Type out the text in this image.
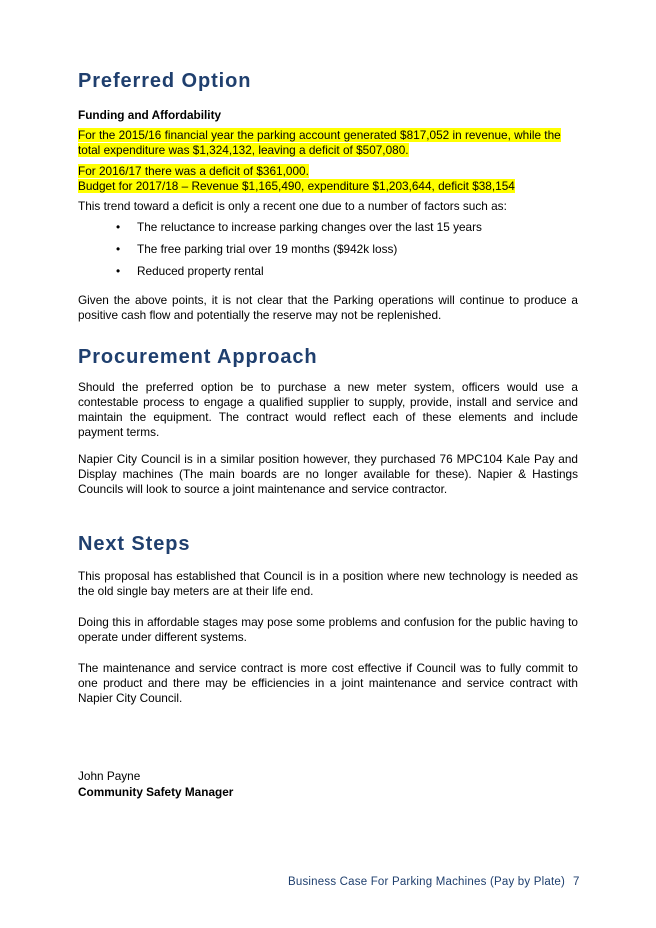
Preferred Option
Funding and Affordability

For the 2015/16 financial year the parking account generated $817,052 in revenue, while the

total expenditure was $1,324,132, leaving a deficit of $507,080.

For 2016/17 there was a deficit of $361,000.

Budget for 2017/18 – Revenue $1,165,490, expenditure $1,203,644, deficit $38,154

This trend toward a deficit is only a recent one due to a number of factors such as:

• The reluctance to increase parking changes over the last 15 years
• The free parking trial over 19 months ($942k loss)
• Reduced property rental

Given the above points, it is not clear that the Parking operations will continue to produce a positive cash flow and potentially the reserve may not be replenished.

Procurement Approach

Should the preferred option be to purchase a new meter system, officers would use a contestable process to engage a qualified supplier to supply, provide, install and service and maintain the equipment. The contract would reflect each of these elements and include payment terms.

Napier City Council is in a similar position however, they purchased 76 MPC104 Kale Pay and Display machines (The main boards are no longer available for these). Napier & Hastings Councils will look to source a joint maintenance and service contractor.

Next Steps

This proposal has established that Council is in a position where new technology is needed as the old single bay meters are at their life end.

Doing this in affordable stages may pose some problems and confusion for the public having to operate under different systems.

The maintenance and service contract is more cost effective if Council was to fully commit to one product and there may be efficiencies in a joint maintenance and service contract with Napier City Council.

John Payne
Community Safety Manager
Business Case For Parking Machines (Pay by Plate) 7
